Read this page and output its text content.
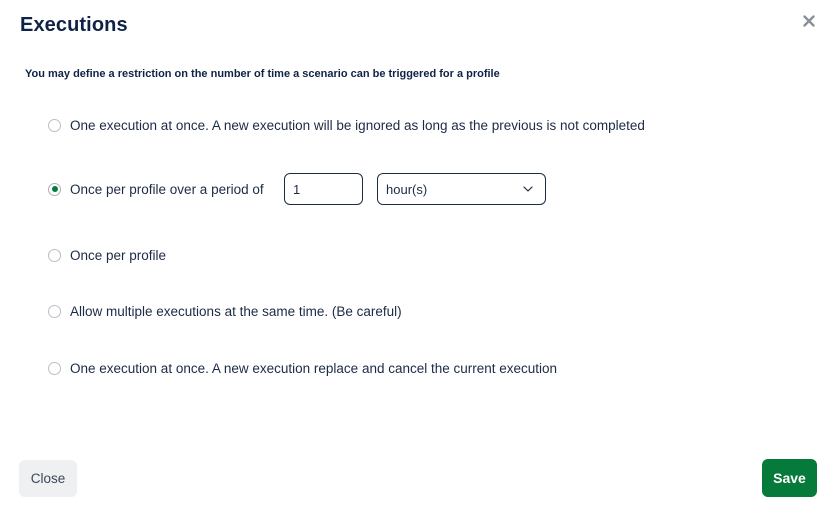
Executions
You may define a restriction on the number of time a scenario can be triggered for a profile
One execution at once. A new execution will be ignored as long as the previous is not completed
Once per profile over a period of
1	hour(s)
Once per profile
Allow multiple executions at the same time. (Be careful)
One execution at once. A new execution replace and cancel the current execution
Close	Save
